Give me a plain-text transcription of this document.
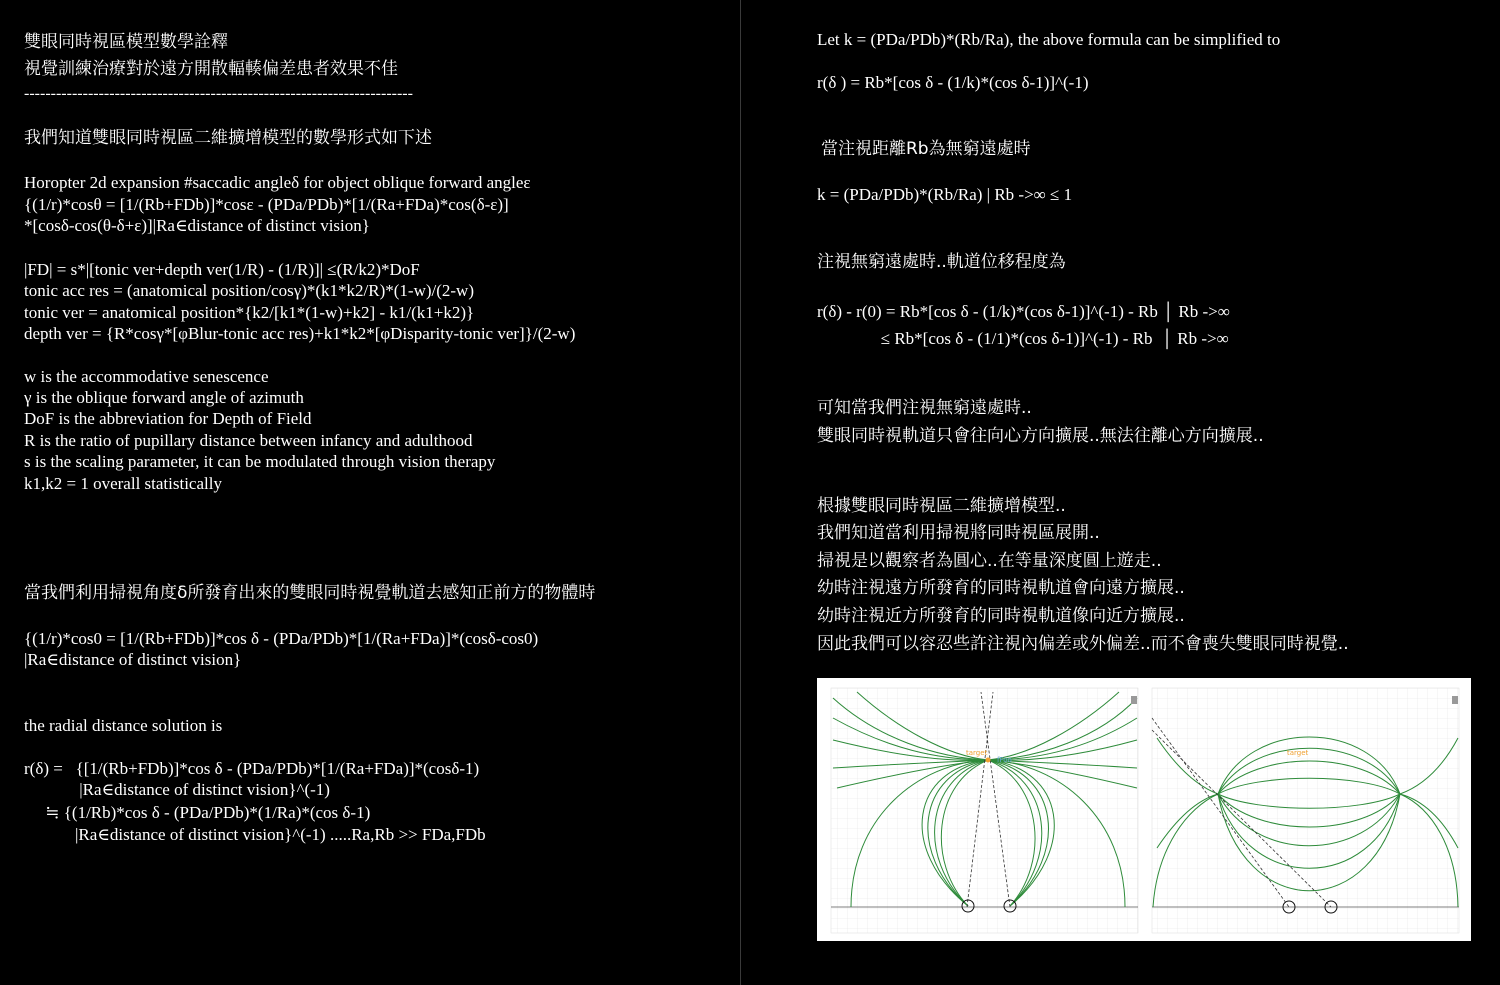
雙眼同時視區模型數學詮釋
視覺訓練治療對於遠方開散輻輳偏差患者效果不佳
-------------------------------------------------------------------------
我們知道雙眼同時視區二維擴增模型的數學形式如下述
Horopter 2d expansion #saccadic angleδ for object oblique forward angleε
{(1/r)*cosθ = [1/(Rb+FDb)]*cosε - (PDa/PDb)*[1/(Ra+FDa)*cos(δ-ε)]
*[cosδ-cos(θ-δ+ε)]|Ra∈distance of distinct vision}
|FD| = s*|[tonic ver+depth ver(1/R) - (1/R)]| ≤(R/k2)*DoF
tonic acc res = (anatomical position/cosγ)*(k1*k2/R)*(1-w)/(2-w)
tonic ver = anatomical position*{k2/[k1*(1-w)+k2] - k1/(k1+k2)}
depth ver = {R*cosγ*[φBlur-tonic acc res)+k1*k2*[φDisparity-tonic ver]}/(2-w)
w is the accommodative senescence
γ is the oblique forward angle of azimuth
DoF is the abbreviation for Depth of Field
R is the ratio of pupillary distance between infancy and adulthood
s is the scaling parameter, it can be modulated through vision therapy
k1,k2 = 1 overall statistically
當我們利用掃視角度δ所發育出來的雙眼同時視覺軌道去感知正前方的物體時
{(1/r)*cos0 = [1/(Rb+FDb)]*cos δ - (PDa/PDb)*[1/(Ra+FDa)]*(cosδ-cos0)
|Ra∈distance of distinct vision}
the radial distance solution is
r(δ) =   {[1/(Rb+FDb)]*cos δ - (PDa/PDb)*[1/(Ra+FDa)]*(cosδ-1)
|Ra∈distance of distinct vision}^(-1)
≒ {(1/Rb)*cos δ - (PDa/PDb)*(1/Ra)*(cos δ-1)
|Ra∈distance of distinct vision}^(-1) .....Ra,Rb >> FDa,FDb
Let k = (PDa/PDb)*(Rb/Ra), the above formula can be simplified to
r(δ ) = Rb*[cos δ - (1/k)*(cos δ-1)]^(-1)
當注視距離Rb為無窮遠處時
k = (PDa/PDb)*(Rb/Ra) | Rb ->∞ ≤ 1
注視無窮遠處時..軌道位移程度為
r(δ) - r(0) = Rb*[cos δ - (1/k)*(cos δ-1)]^(-1) - Rb │ Rb ->∞
≤ Rb*[cos δ - (1/1)*(cos δ-1)]^(-1) - Rb  │ Rb ->∞
可知當我們注視無窮遠處時..
雙眼同時視軌道只會往向心方向擴展..無法往離心方向擴展..
根據雙眼同時視區二維擴增模型..
我們知道當利用掃視將同時視區展開..
掃視是以觀察者為圓心..在等量深度圓上遊走..
幼時注視遠方所發育的同時視軌道會向遠方擴展..
幼時注視近方所發育的同時視軌道像向近方擴展..
因此我們可以容忍些許注視內偏差或外偏差..而不會喪失雙眼同時視覺..
target
fFoo
target
